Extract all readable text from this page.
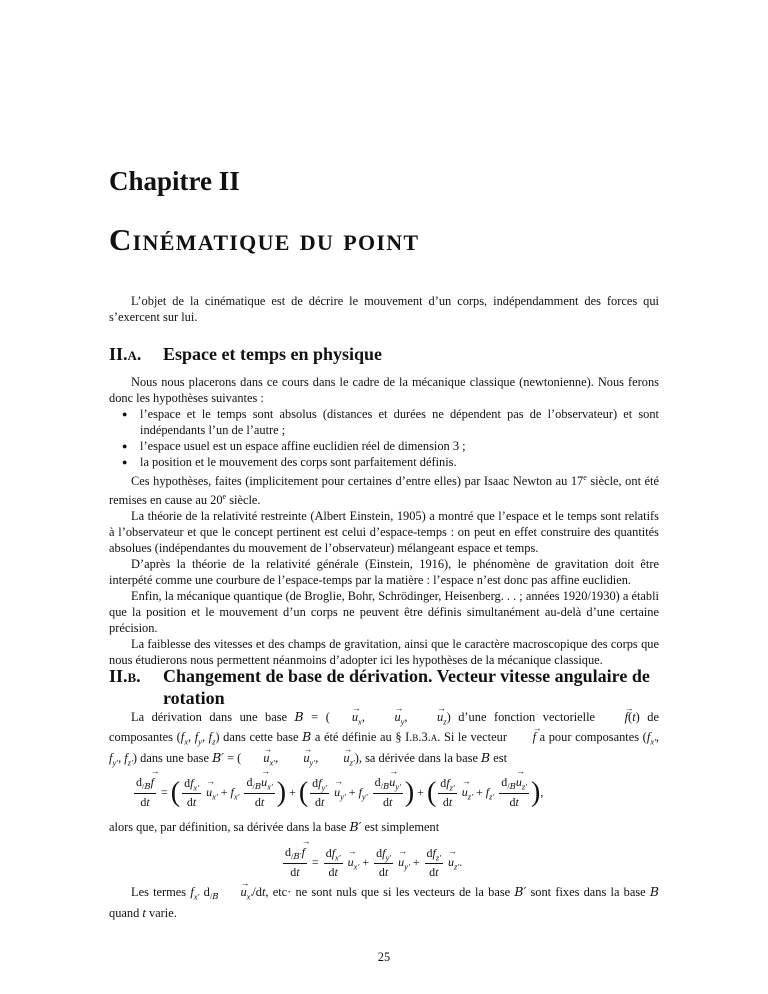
Chapitre II
Cinématique du point

L’objet de la cinématique est de décrire le mouvement d’un corps, indépendamment des forces qui s’exercent sur lui.

II.a. Espace et temps en physique

Nous nous placerons dans ce cours dans le cadre de la mécanique classique (newtonienne). Nous ferons donc les hypothèses suivantes :

● l’espace et le temps sont absolus (distances et durées ne dépendent pas de l’observateur) et sont indépendants l’un de l’autre ;

● l’espace usuel est un espace affine euclidien réel de dimension 3 ;

● la position et le mouvement des corps sont parfaitement définis.

Ces hypothèses, faites (implicitement pour certaines d’entre elles) par Isaac Newton au 17e siècle, ont été remises en cause au 20e siècle.

La théorie de la relativité restreinte (Albert Einstein, 1905) a montré que l’espace et le temps sont relatifs à l’observateur et que le concept pertinent est celui d’espace-temps : on peut en effet construire des quantités absolues (indépendantes du mouvement de l’observateur) mélangeant espace et temps.

D’après la théorie de la relativité générale (Einstein, 1916), le phénomène de gravitation doit être interpété comme une courbure de l’espace-temps par la matière : l’espace n’est donc pas affine euclidien.

Enfin, la mécanique quantique (de Broglie, Bohr, Schrödinger, Heisenberg. . . ; années 1920/1930) a établi que la position et le mouvement d’un corps ne peuvent être définis simultanément au-delà d’une certaine précision.

La faiblesse des vitesses et des champs de gravitation, ainsi que le caractère macroscopique des corps que nous étudierons nous permettent néanmoins d’adopter ici les hypothèses de la mécanique classique.

II.b. Changement de base de dérivation. Vecteur vitesse angulaire de rotation

La dérivation dans une base B = ( $u \to_x$, $u \to_y$, $u \to_z$) d’une fonction vectorielle f →(t) de composantes ($f_x$, $f_y$, $f_z$) dans cette base B a été définie au § I.b.3.a. Si le vecteur f → a pour composantes ($f_{x'}$, $f_{y'}$, $f_{z'}$) dans une base B′ = ( $u \to_{x'}$, $u \to_{y'}$, $u \to_{z'}$), sa dérivée dans la base B est

$\frac{d_{/B}f \to}{dt}$ = ( $\frac{df_{x'}}{dt}$ $u \to_{x'} + f_{x'} \frac{d_{/B}u \to_{x'}}{dt}$ ) + ( $\frac{df_{y'}}{dt}$ $u \to_{y'} + f_{y'} \frac{d_{/B}u \to_{y'}}{dt}$ ) + ( $\frac{df_{z'}}{dt}$ $u \to_{z'} + f_{z'} \frac{d_{/B}u \to_{z'}}{dt}$ ) ,

alors que, par définition, sa dérivée dans la base B′ est simplement

$\frac{d_{/B'}f \to}{dt} = \frac{df_{x'}}{dt}$ $u \to_{x'} + \frac{df_{y'}}{dt}$ $u \to_{y'} + \frac{df_{z'}}{dt}$ $u \to_{z'}$.

Les termes $f_{x'}$ $d_{/B}$ $u \to_{x'}/dt$, etc· ne sont nuls que si les vecteurs de la base B′ sont fixes dans la base B quand t varie.

25
